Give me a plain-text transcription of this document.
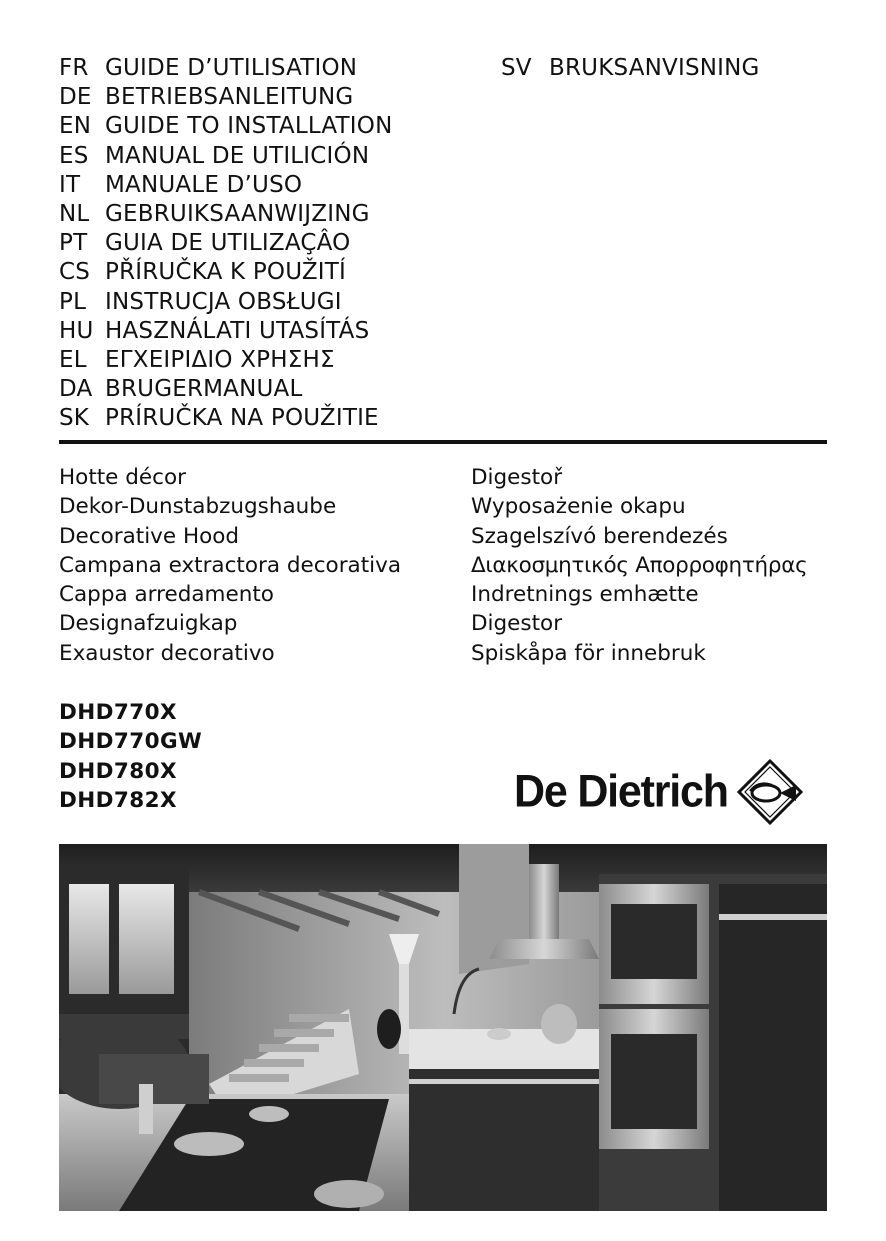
FR GUIDE D’UTILISATION
DE BETRIEBSANLEITUNG
EN GUIDE TO INSTALLATION
ES MANUAL DE UTILICIÓN
IT	MANUALE D’USO
NL GEBRUIKSAANWIJZING
PT GUIA DE UTILIZAÇÂO
CS PŘÍRUČKA K POUŽITÍ
PL INSTRUCJA OBSŁUGI
HU HASZNÁLATI UTASÍTÁS
EL ΕΓΧΕΙΡΙΔΙΟ ΧΡΗΣΗΣ
DA BRUGERMANUAL
SK PRÍRUČKA NA POUŽITIE
SV BRUKSANVISNING
Hotte décor
Dekor-Dunstabzugshaube
Decorative Hood
Campana extractora decorativa
Cappa arredamento
Designafzuigkap
Exaustor decorativo
Digestoř
Wyposażenie okapu
Szagelszívó berendezés
Διακοσμητικός Απορροφητήρας
Indretnings emhætte
Digestor
Spiskåpa för innebruk
DHD770X
DHD770GW
DHD780X
DHD782X	De Dietrich
